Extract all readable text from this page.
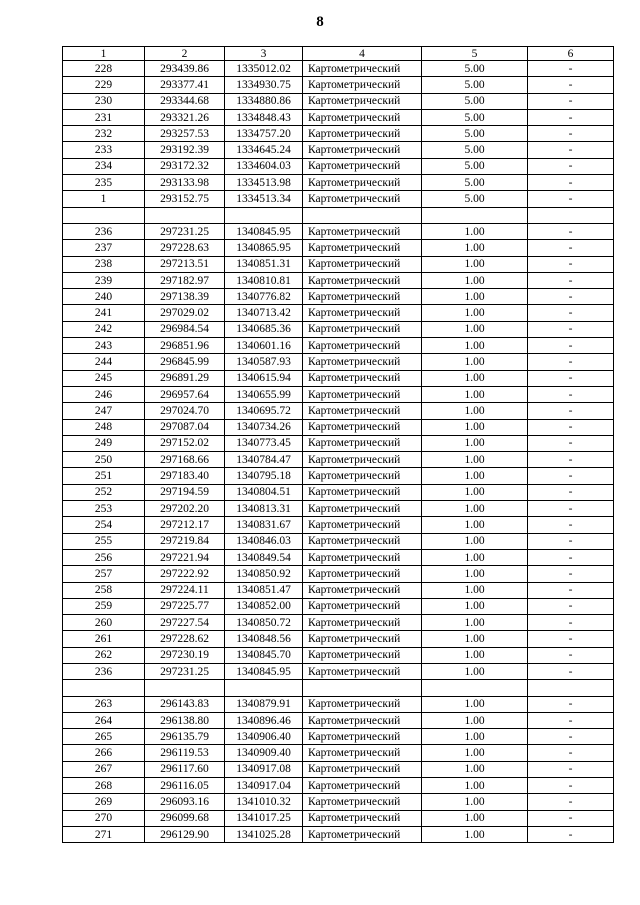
8
1	2	3	4	5	6
228	293439.86	1335012.02	Картометрический	5.00	-
229	293377.41	1334930.75	Картометрический	5.00	-
230	293344.68	1334880.86	Картометрический	5.00	-
231	293321.26	1334848.43	Картометрический	5.00	-
232	293257.53	1334757.20	Картометрический	5.00	-
233	293192.39	1334645.24	Картометрический	5.00	-
234	293172.32	1334604.03	Картометрический	5.00	-
235	293133.98	1334513.98	Картометрический	5.00	-
1	293152.75	1334513.34	Картометрический	5.00	-

236	297231.25	1340845.95	Картометрический	1.00	-
237	297228.63	1340865.95	Картометрический	1.00	-
238	297213.51	1340851.31	Картометрический	1.00	-
239	297182.97	1340810.81	Картометрический	1.00	-
240	297138.39	1340776.82	Картометрический	1.00	-
241	297029.02	1340713.42	Картометрический	1.00	-
242	296984.54	1340685.36	Картометрический	1.00	-
243	296851.96	1340601.16	Картометрический	1.00	-
244	296845.99	1340587.93	Картометрический	1.00	-
245	296891.29	1340615.94	Картометрический	1.00	-
246	296957.64	1340655.99	Картометрический	1.00	-
247	297024.70	1340695.72	Картометрический	1.00	-
248	297087.04	1340734.26	Картометрический	1.00	-
249	297152.02	1340773.45	Картометрический	1.00	-
250	297168.66	1340784.47	Картометрический	1.00	-
251	297183.40	1340795.18	Картометрический	1.00	-
252	297194.59	1340804.51	Картометрический	1.00	-
253	297202.20	1340813.31	Картометрический	1.00	-
254	297212.17	1340831.67	Картометрический	1.00	-
255	297219.84	1340846.03	Картометрический	1.00	-
256	297221.94	1340849.54	Картометрический	1.00	-
257	297222.92	1340850.92	Картометрический	1.00	-
258	297224.11	1340851.47	Картометрический	1.00	-
259	297225.77	1340852.00	Картометрический	1.00	-
260	297227.54	1340850.72	Картометрический	1.00	-
261	297228.62	1340848.56	Картометрический	1.00	-
262	297230.19	1340845.70	Картометрический	1.00	-
236	297231.25	1340845.95	Картометрический	1.00	-

263	296143.83	1340879.91	Картометрический	1.00	-
264	296138.80	1340896.46	Картометрический	1.00	-
265	296135.79	1340906.40	Картометрический	1.00	-
266	296119.53	1340909.40	Картометрический	1.00	-
267	296117.60	1340917.08	Картометрический	1.00	-
268	296116.05	1340917.04	Картометрический	1.00	-
269	296093.16	1341010.32	Картометрический	1.00	-
270	296099.68	1341017.25	Картометрический	1.00	-
271	296129.90	1341025.28	Картометрический	1.00	-
